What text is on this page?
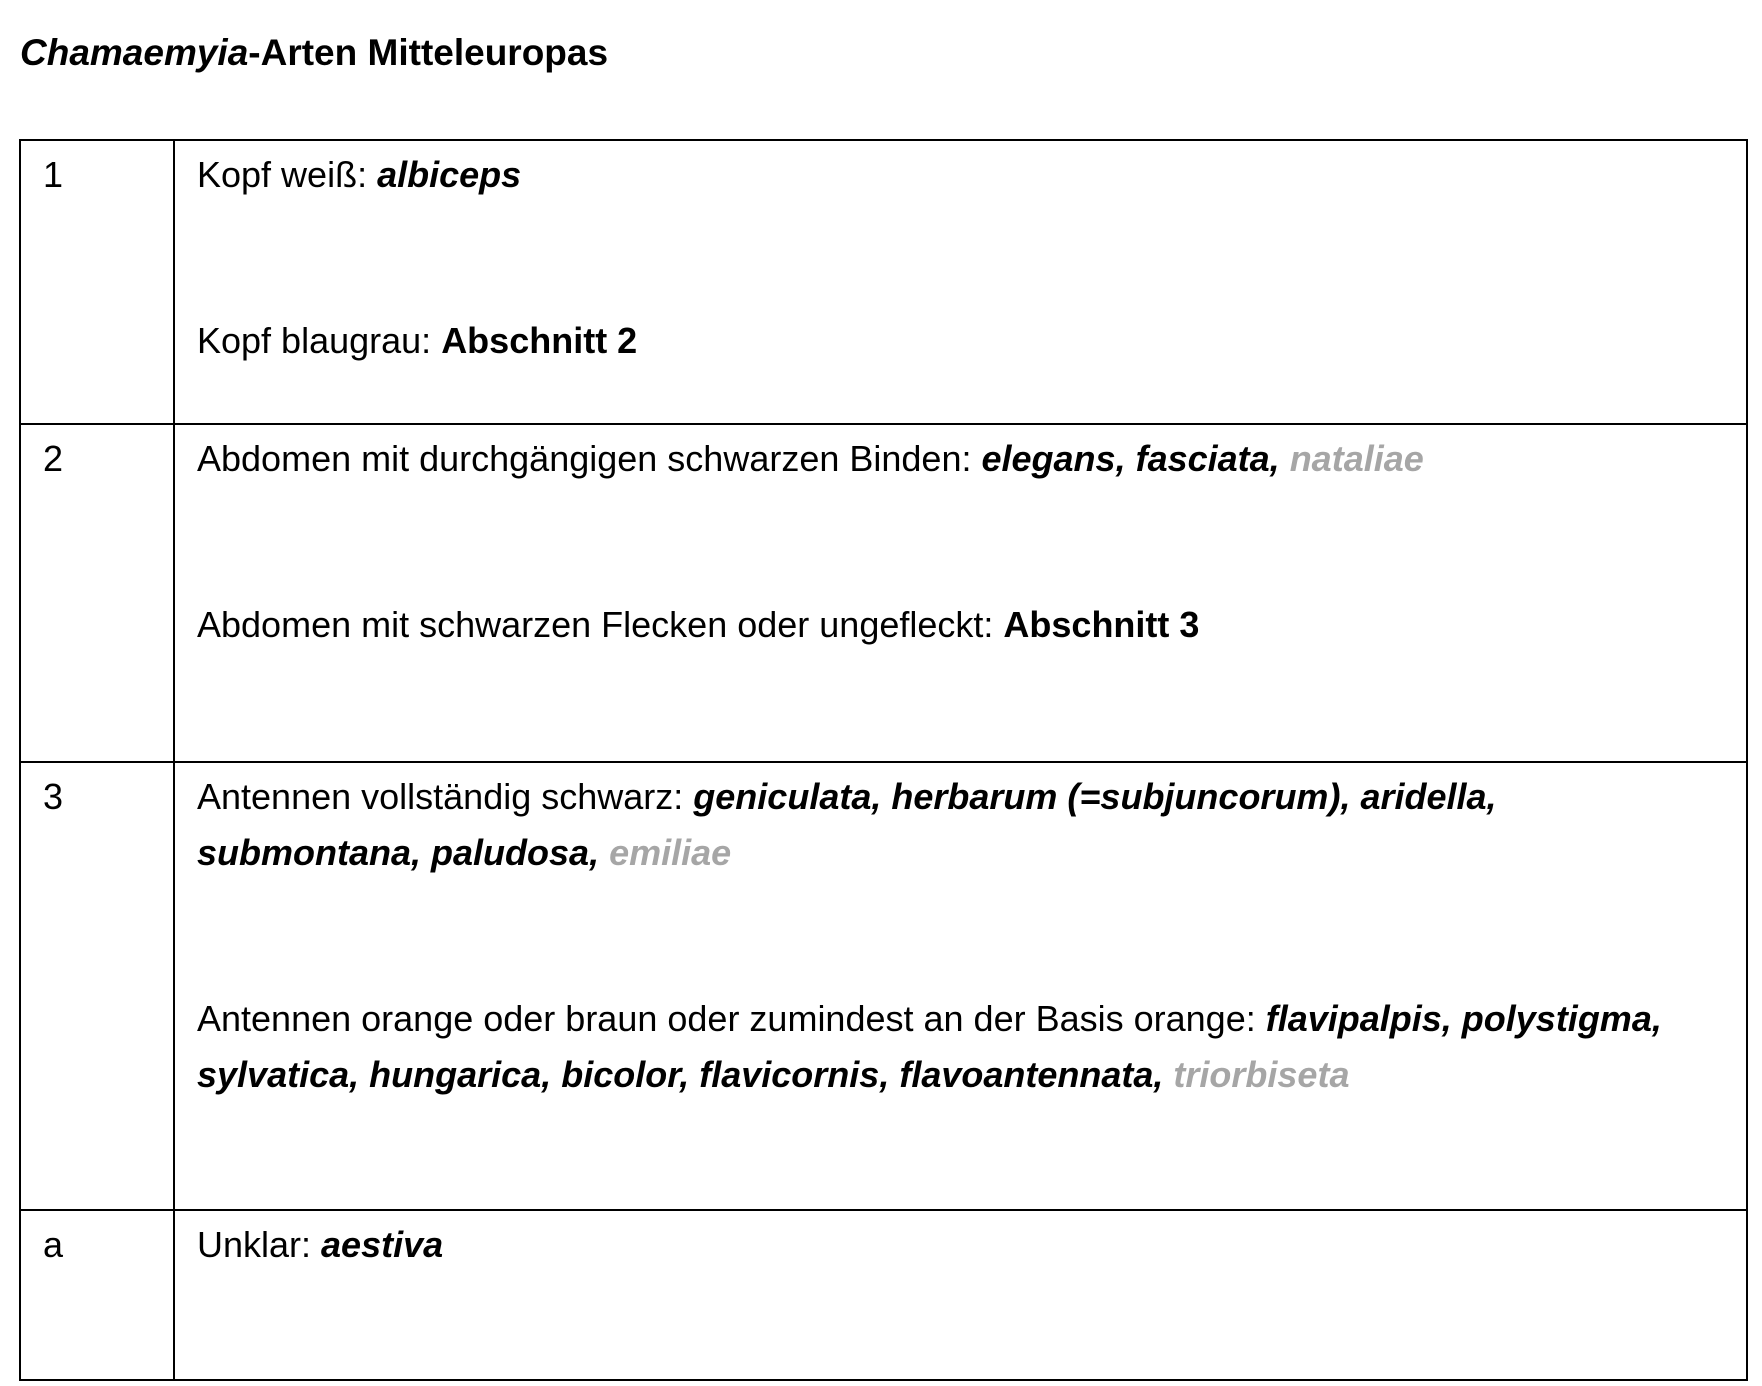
Chamaemyia-Arten Mitteleuropas
1	Kopf weiß: albiceps

Kopf blaugrau: Abschnitt 2

2	Abdomen mit durchgängigen schwarzen Binden: elegans, fasciata, nataliae

Abdomen mit schwarzen Flecken oder ungefleckt: Abschnitt 3

3	Antennen vollständig schwarz: geniculata, herbarum (=subjuncorum), aridella, submontana, paludosa, emiliae

Antennen orange oder braun oder zumindest an der Basis orange: flavipalpis, polystigma, sylvatica, hungarica, bicolor, flavicornis, flavoantennata, triorbiseta

a	Unklar: aestiva
